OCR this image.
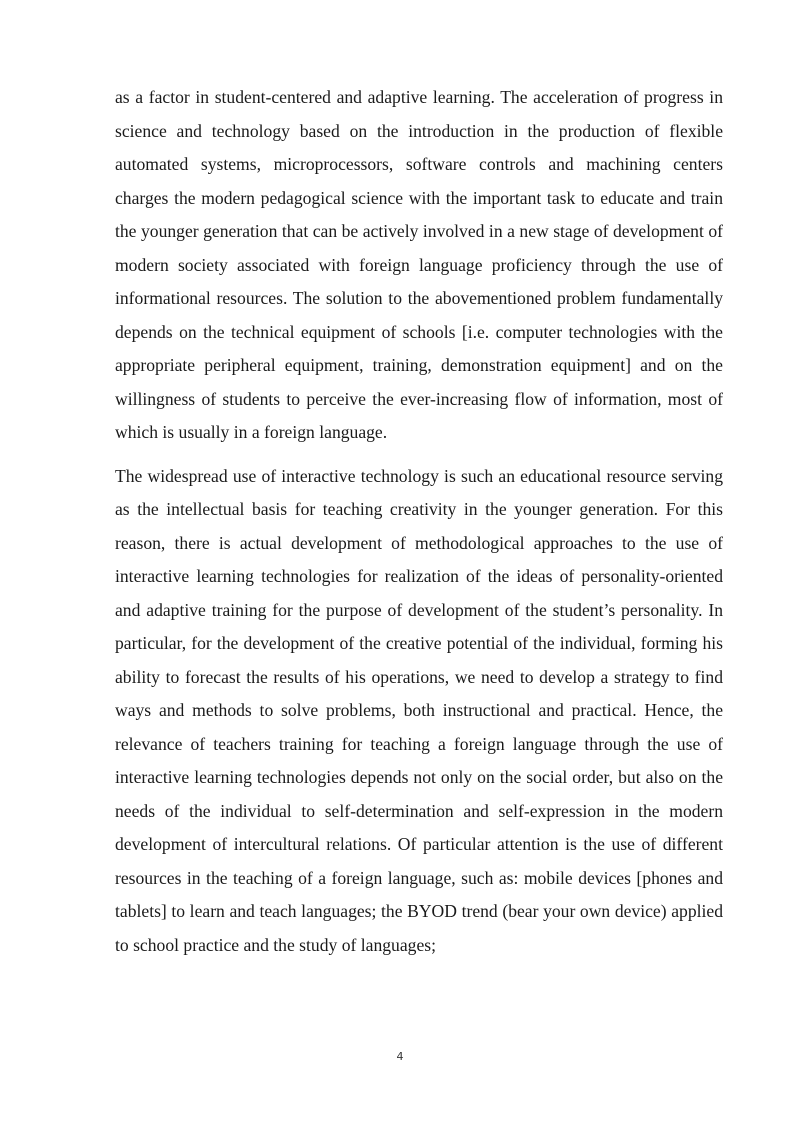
as a factor in student-centered and adaptive learning. The acceleration of progress in science and technology based on the introduction in the production of flexible automated systems, microprocessors, software controls and machining centers charges the modern pedagogical science with the important task to educate and train the younger generation that can be actively involved in a new stage of development of modern society associated with foreign language proficiency through the use of informational resources. The solution to the abovementioned problem fundamentally depends on the technical equipment of schools [i.e. computer technologies with the appropriate peripheral equipment, training, demonstration equipment] and on the willingness of students to perceive the ever-increasing flow of information, most of which is usually in a foreign language.

The widespread use of interactive technology is such an educational resource serving as the intellectual basis for teaching creativity in the younger generation. For this reason, there is actual development of methodological approaches to the use of interactive learning technologies for realization of the ideas of personality-oriented and adaptive training for the purpose of development of the student’s personality. In particular, for the development of the creative potential of the individual, forming his ability to forecast the results of his operations, we need to develop a strategy to find ways and methods to solve problems, both instructional and practical. Hence, the relevance of teachers training for teaching a foreign language through the use of interactive learning technologies depends not only on the social order, but also on the needs of the individual to self-determination and self-expression in the modern development of intercultural relations. Of particular attention is the use of different resources in the teaching of a foreign language, such as: mobile devices [phones and tablets] to learn and teach languages; the BYOD trend (bear your own device) applied to school practice and the study of languages;

4
